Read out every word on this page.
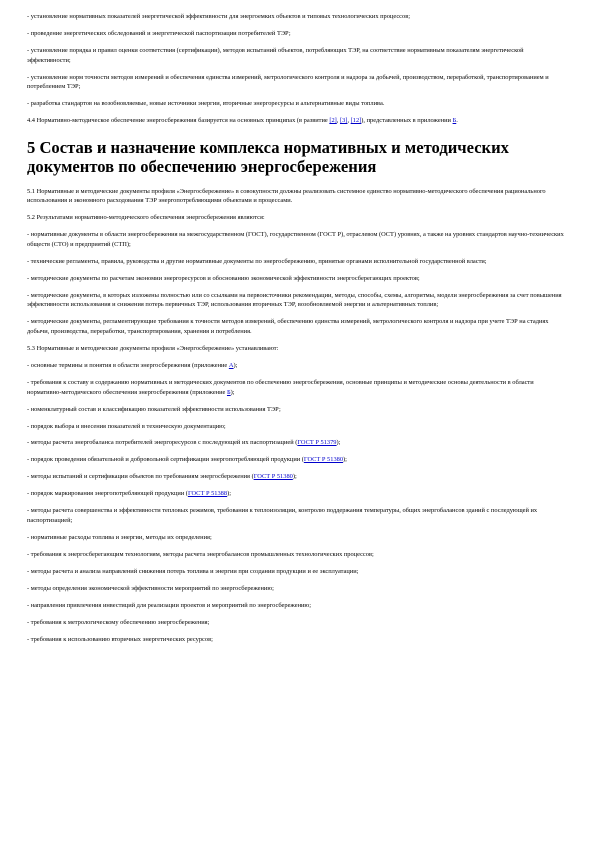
- установление нормативных показателей энергетической эффективности для энергоемких объектов и типовых технологических процессов;

- проведение энергетических обследований и энергетической паспортизации потребителей ТЭР;

- установление порядка и правил оценки соответствия (сертификации), методов испытаний объектов, потребляющих ТЭР, на соответствие нормативным показателям энергетической эффективности;

- установление норм точности методов измерений и обеспечения единства измерений, метрологического контроля и надзора за добычей, производством, переработкой, транспортированием и потреблением ТЭР;

- разработка стандартов на возобновляемые, новые источники энергии, вторичные энергоресурсы и альтернативные виды топлива.

4.4 Нормативно-методическое обеспечение энергосбережения базируется на основных принципах (в развитие [2], [3], [12]), представленных в приложении Б.

5 Состав и назначение комплекса нормативных и методических документов по обеспечению энергосбережения

5.1 Нормативные и методические документы профиля «Энергосбережение» в совокупности должны реализовать системное единство нормативно-методического обеспечения рационального использования и экономного расходования ТЭР энергопотребляющими объектами и процессами.

5.2 Результатами нормативно-методического обеспечения энергосбережения являются:

- нормативные документы в области энергосбережения на межгосударственном (ГОСТ), государственном (ГОСТ Р), отраслевом (ОСТ) уровнях, а также на уровнях стандартов научно-технических обществ (СТО) и предприятий (СТП);

- технические регламенты, правила, руководства и другие нормативные документы по энергосбережению, принятые органами исполнительной государственной власти;

- методические документы по расчетам экономии энергоресурсов и обоснованию экономической эффективности энергосберегающих проектов;

- методические документы, в которых изложены полностью или со ссылками на первоисточники рекомендации, методы, способы, схемы, алгоритмы, модели энергосбережения за счет повышения эффективности использования и снижения потерь первичных ТЭР, использования вторичных ТЭР, возобновляемой энергии и альтернативных топлив;

- методические документы, регламентирующие требования к точности методов измерений, обеспечению единства измерений, метрологического контроля и надзора при учете ТЭР на стадиях добычи, производства, переработки, транспортирования, хранения и потребления.

5.3 Нормативные и методические документы профиля «Энергосбережение» устанавливают:

- основные термины и понятия в области энергосбережения (приложение А);

- требования к составу и содержанию нормативных и методических документов по обеспечению энергосбережения, основные принципы и методические основы деятельности в области нормативно-методического обеспечения энергосбережения (приложение Б);

- номенклатурный состав и классификацию показателей эффективности использования ТЭР;

- порядок выбора и внесения показателей в техническую документацию;

- методы расчета энергобаланса потребителей энергоресурсов с последующей их паспортизацией (ГОСТ Р 51379);

- порядок проведения обязательной и добровольной сертификации энергопотребляющей продукции (ГОСТ Р 51380);

- методы испытаний и сертификации объектов по требованиям энергосбережения (ГОСТ Р 51380);

- порядок маркирования энергопотребляющей продукции (ГОСТ Р 51388);

- методы расчета совершенства и эффективности тепловых режимов, требования к теплоизоляции, контролю поддержания температуры, общих энергобалансов зданий с последующей их паспортизацией;

- нормативные расходы топлива и энергии, методы их определения;

- требования к энергосберегающим технологиям, методы расчета энергобалансов промышленных технологических процессов;

- методы расчета и анализа направлений снижения потерь топлива и энергии при создании продукции и ее эксплуатации;

- методы определения экономической эффективности мероприятий по энергосбережению;

- направления привлечения инвестиций для реализации проектов и мероприятий по энергосбережению;

- требования к метрологическому обеспечению энергосбережения;

- требования к использованию вторичных энергетических ресурсов;
